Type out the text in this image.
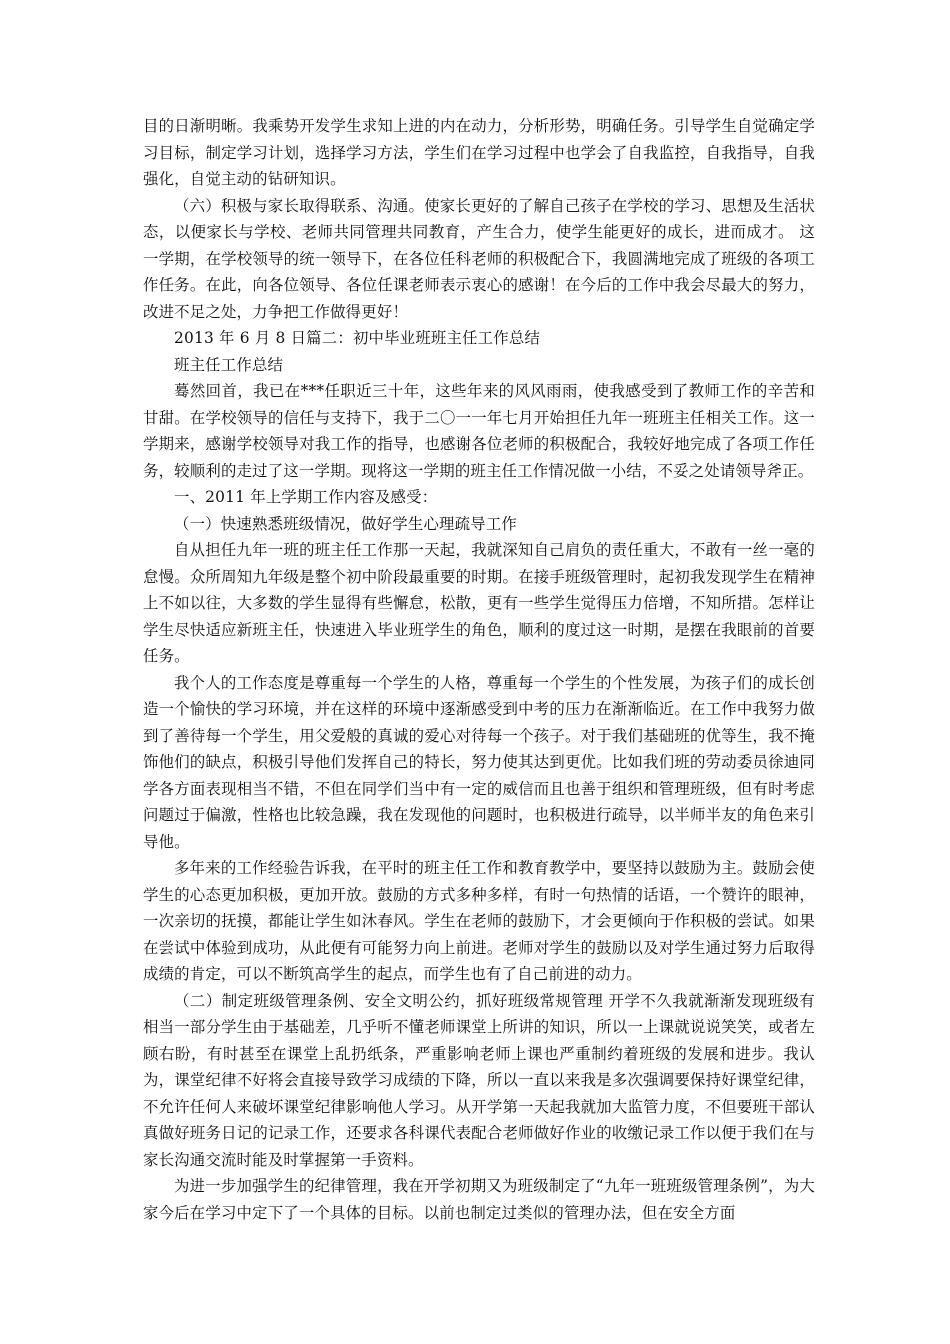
目的日渐明晰。我乘势开发学生求知上进的内在动力，分析形势，明确任务。引导学生自觉确定学习目标，制定学习计划，选择学习方法，学生们在学习过程中也学会了自我监控，自我指导，自我强化，自觉主动的钻研知识。

（六）积极与家长取得联系、沟通。使家长更好的了解自己孩子在学校的学习、思想及生活状态，以便家长与学校、老师共同管理共同教育，产生合力，使学生能更好的成长，进而成才。 这一学期，在学校领导的统一领导下，在各位任科老师的积极配合下，我圆满地完成了班级的各项工作任务。在此，向各位领导、各位任课老师表示衷心的感谢！在今后的工作中我会尽最大的努力，改进不足之处，力争把工作做得更好！

2013 年 6 月 8 日篇二：初中毕业班班主任工作总结

班主任工作总结

蓦然回首，我已在***任职近三十年，这些年来的风风雨雨，使我感受到了教师工作的辛苦和甘甜。在学校领导的信任与支持下，我于二〇一一年七月开始担任九年一班班主任相关工作。这一学期来，感谢学校领导对我工作的指导，也感谢各位老师的积极配合，我较好地完成了各项工作任务，较顺利的走过了这一学期。现将这一学期的班主任工作情况做一小结，不妥之处请领导斧正。

一、2011 年上学期工作内容及感受：

（一）快速熟悉班级情况，做好学生心理疏导工作

自从担任九年一班的班主任工作那一天起，我就深知自己肩负的责任重大，不敢有一丝一毫的怠慢。众所周知九年级是整个初中阶段最重要的时期。在接手班级管理时，起初我发现学生在精神上不如以往，大多数的学生显得有些懈怠，松散，更有一些学生觉得压力倍增，不知所措。怎样让学生尽快适应新班主任，快速进入毕业班学生的角色，顺利的度过这一时期，是摆在我眼前的首要任务。

我个人的工作态度是尊重每一个学生的人格，尊重每一个学生的个性发展，为孩子们的成长创造一个愉快的学习环境，并在这样的环境中逐渐感受到中考的压力在渐渐临近。在工作中我努力做到了善待每一个学生，用父爱般的真诚的爱心对待每一个孩子。对于我们基础班的优等生，我不掩饰他们的缺点，积极引导他们发挥自己的特长，努力使其达到更优。比如我们班的劳动委员徐迪同学各方面表现相当不错，不但在同学们当中有一定的威信而且也善于组织和管理班级，但有时考虑问题过于偏激，性格也比较急躁，我在发现他的问题时，也积极进行疏导，以半师半友的角色来引导他。

多年来的工作经验告诉我，在平时的班主任工作和教育教学中，要坚持以鼓励为主。鼓励会使学生的心态更加积极，更加开放。鼓励的方式多种多样，有时一句热情的话语，一个赞许的眼神，一次亲切的抚摸，都能让学生如沐春风。学生在老师的鼓励下，才会更倾向于作积极的尝试。如果在尝试中体验到成功，从此便有可能努力向上前进。老师对学生的鼓励以及对学生通过努力后取得成绩的肯定，可以不断筑高学生的起点，而学生也有了自己前进的动力。

（二）制定班级管理条例、安全文明公约，抓好班级常规管理 开学不久我就渐渐发现班级有相当一部分学生由于基础差，几乎听不懂老师课堂上所讲的知识，所以一上课就说说笑笑，或者左顾右盼，有时甚至在课堂上乱扔纸条，严重影响老师上课也严重制约着班级的发展和进步。我认为，课堂纪律不好将会直接导致学习成绩的下降，所以一直以来我是多次强调要保持好课堂纪律，不允许任何人来破坏课堂纪律影响他人学习。从开学第一天起我就加大监管力度，不但要班干部认真做好班务日记的记录工作，还要求各科课代表配合老师做好作业的收缴记录工作以便于我们在与家长沟通交流时能及时掌握第一手资料。

为进一步加强学生的纪律管理，我在开学初期又为班级制定了“九年一班班级管理条例”，为大家今后在学习中定下了一个具体的目标。以前也制定过类似的管理办法，但在安全方面
